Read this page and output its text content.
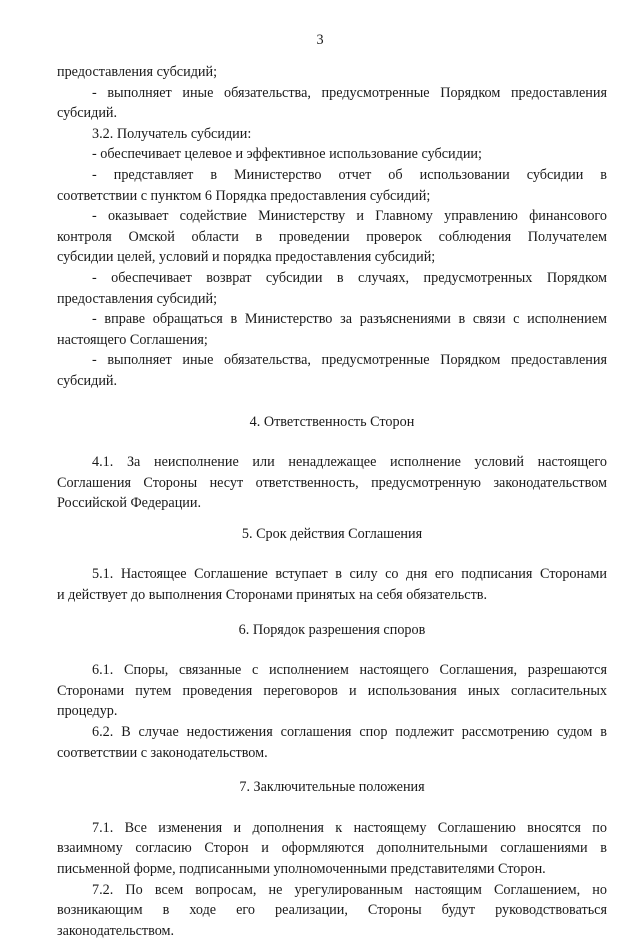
3
предоставления субсидий;
- выполняет иные обязательства, предусмотренные Порядком предоставления
субсидий.
3.2. Получатель субсидии:
- обеспечивает целевое и эффективное использование субсидии;
- представляет в Министерство отчет об использовании субсидии в
соответствии с пунктом 6 Порядка предоставления субсидий;
- оказывает содействие Министерству и Главному управлению финансового
контроля Омской области в проведении проверок соблюдения Получателем
субсидии целей, условий и порядка предоставления субсидий;
- обеспечивает возврат субсидии в случаях, предусмотренных Порядком
предоставления субсидий;
- вправе обращаться в Министерство за разъяснениями в связи с исполнением
настоящего Соглашения;
- выполняет иные обязательства, предусмотренные Порядком предоставления
субсидий.
4. Ответственность Сторон
4.1. За неисполнение или ненадлежащее исполнение условий настоящего
Соглашения Стороны несут ответственность, предусмотренную законодательством
Российской Федерации.
5. Срок действия Соглашения
5.1. Настоящее Соглашение вступает в силу со дня его подписания Сторонами
и действует до выполнения Сторонами принятых на себя обязательств.
6. Порядок разрешения споров
6.1. Споры, связанные с исполнением настоящего Соглашения, разрешаются
Сторонами путем проведения переговоров и использования иных согласительных
процедур.
6.2. В случае недостижения соглашения спор подлежит рассмотрению судом в
соответствии с законодательством.
7. Заключительные положения
7.1. Все изменения и дополнения к настоящему Соглашению вносятся по
взаимному согласию Сторон и оформляются дополнительными соглашениями в
письменной форме, подписанными уполномоченными представителями Сторон.
7.2. По всем вопросам, не урегулированным настоящим Соглашением, но
возникающим в ходе его реализации, Стороны будут руководствоваться
законодательством.
